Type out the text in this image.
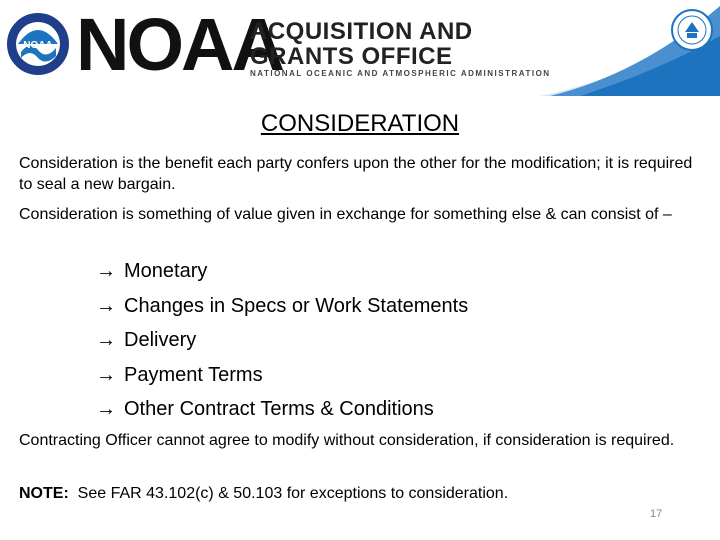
NOAA NOAA
ACQUISITION AND
GRANTS OFFICE
NATIONAL OCEANIC AND ATMOSPHERIC ADMINISTRATION
CONSIDERATION
Consideration is the benefit each party confers upon the other for the modification; it is required to seal a new bargain.
Consideration is something of value given in exchange for something else & can consist of –
→ Monetary
→ Changes in Specs or Work Statements
→ Delivery
→ Payment Terms
→ Other Contract Terms & Conditions
Contracting Officer cannot agree to modify without consideration, if consideration is required.
NOTE:  See FAR 43.102(c) & 50.103 for exceptions to consideration.
17
